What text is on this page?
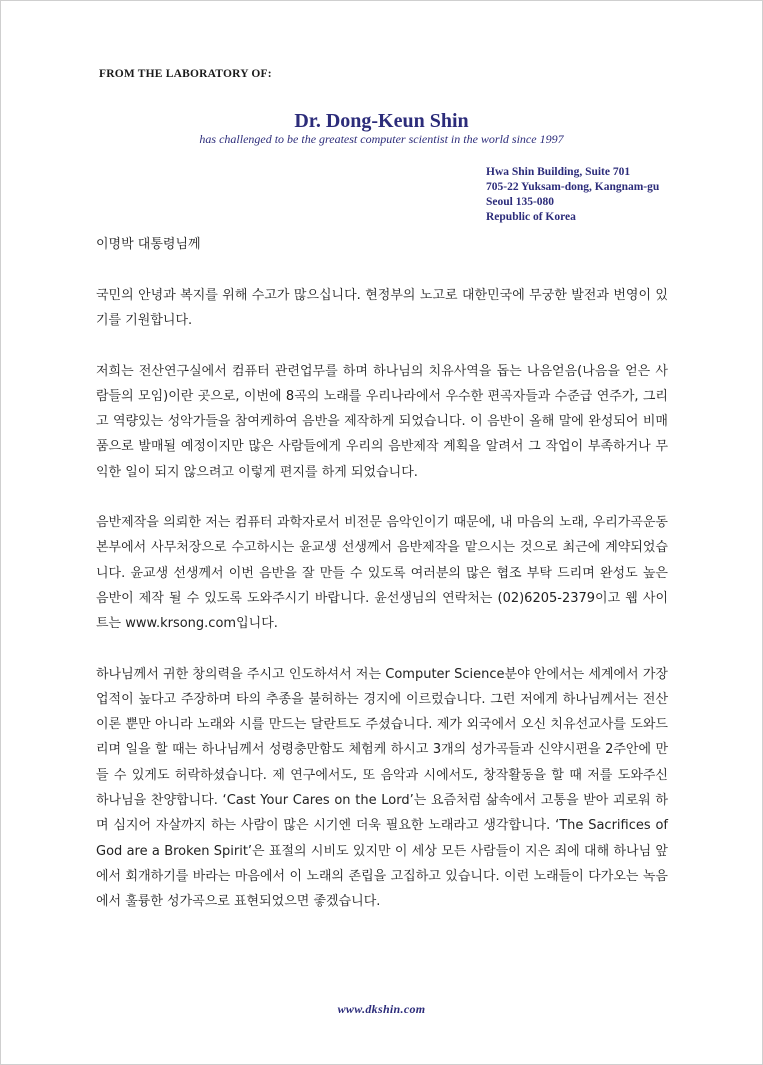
FROM THE LABORATORY OF:
Dr. Dong-Keun Shin
has challenged to be the greatest computer scientist in the world since 1997
Hwa Shin Building, Suite 701
705-22 Yuksam-dong, Kangnam-gu
Seoul 135-080
Republic of Korea
이명박 대통령님께

국민의 안녕과 복지를 위해 수고가 많으십니다. 현정부의 노고로 대한민국에 무궁한 발전과 번영이 있기를 기원합니다.

저희는 전산연구실에서 컴퓨터 관련업무를 하며 하나님의 치유사역을 돕는 나음얻음(나음을 얻은 사람들의 모임)이란 곳으로, 이번에 8곡의 노래를 우리나라에서 우수한 편곡자들과 수준급 연주가, 그리고 역량있는 성악가들을 참여케하여 음반을 제작하게 되었습니다. 이 음반이 올해 말에 완성되어 비매품으로 발매될 예정이지만 많은 사람들에게 우리의 음반제작 계획을 알려서 그 작업이 부족하거나 무익한 일이 되지 않으려고 이렇게 편지를 하게 되었습니다.

음반제작을 의뢰한 저는 컴퓨터 과학자로서 비전문 음악인이기 때문에, 내 마음의 노래, 우리가곡운동본부에서 사무처장으로 수고하시는 윤교생 선생께서 음반제작을 맡으시는 것으로 최근에 계약되었습니다. 윤교생 선생께서 이번 음반을 잘 만들 수 있도록 여러분의 많은 협조 부탁 드리며 완성도 높은 음반이 제작 될 수 있도록 도와주시기 바랍니다. 윤선생님의 연락처는 (02)6205-2379이고 웹 사이트는 www.krsong.com입니다.

하나님께서 귀한 창의력을 주시고 인도하셔서 저는 Computer Science분야 안에서는 세계에서 가장 업적이 높다고 주장하며 타의 추종을 불허하는 경지에 이르렀습니다. 그런 저에게 하나님께서는 전산이론 뿐만 아니라 노래와 시를 만드는 달란트도 주셨습니다. 제가 외국에서 오신 치유선교사를 도와드리며 일을 할 때는 하나님께서 성령충만함도 체험케 하시고 3개의 성가곡들과 신약시편을 2주안에 만들 수 있게도 허락하셨습니다. 제 연구에서도, 또 음악과 시에서도, 창작활동을 할 때 저를 도와주신 하나님을 찬양합니다. ‘Cast Your Cares on the Lord’는 요즘처럼 삶속에서 고통을 받아 괴로워 하며 심지어 자살까지 하는 사람이 많은 시기엔 더욱 필요한 노래라고 생각합니다. ‘The Sacrifices of God are a Broken Spirit’은 표절의 시비도 있지만 이 세상 모든 사람들이 지은 죄에 대해 하나님 앞에서 회개하기를 바라는 마음에서 이 노래의 존립을 고집하고 있습니다. 이런 노래들이 다가오는 녹음에서 훌륭한 성가곡으로 표현되었으면 좋겠습니다.

www.dkshin.com
